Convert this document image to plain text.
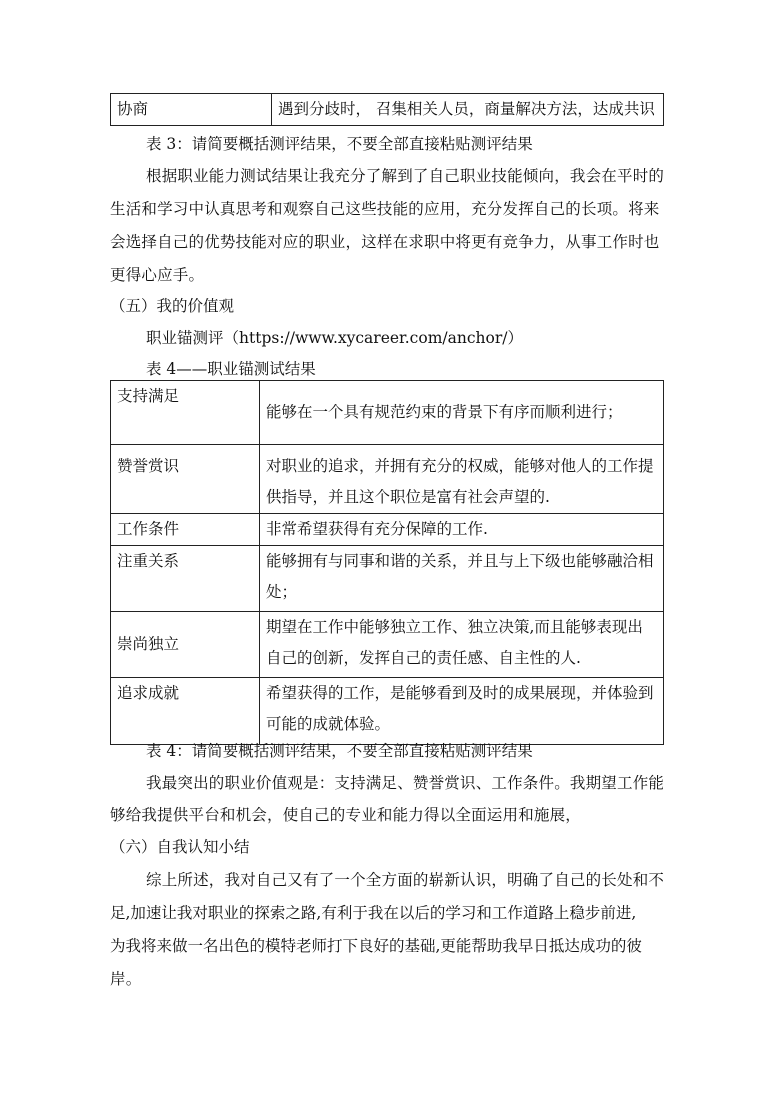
协商	遇到分歧时， 召集相关人员，商量解决方法，达成共识
表 3：请简要概括测评结果，不要全部直接粘贴测评结果
根据职业能力测试结果让我充分了解到了自己职业技能倾向，我会在平时的
生活和学习中认真思考和观察自己这些技能的应用，充分发挥自己的长项。将来
会选择自己的优势技能对应的职业，这样在求职中将更有竞争力，从事工作时也
更得心应手。
（五）我的价值观
职业锚测评（https://www.xycareer.com/anchor/）
表 4——职业锚测试结果
支持满足	能够在一个具有规范约束的背景下有序而顺利进行；

赞誉赏识	对职业的追求，并拥有充分的权威，能够对他人的工作提
供指导，并且这个职位是富有社会声望的.

工作条件	非常希望获得有充分保障的工作.

注重关系	能够拥有与同事和谐的关系，并且与上下级也能够融洽相
处；

崇尚独立	期望在工作中能够独立工作、独立决策,而且能够表现出
自己的创新，发挥自己的责任感、自主性的人.

追求成就	希望获得的工作，是能够看到及时的成果展现，并体验到
可能的成就体验。
表 4：请简要概括测评结果，不要全部直接粘贴测评结果
我最突出的职业价值观是：支持满足、赞誉赏识、工作条件。我期望工作能
够给我提供平台和机会，使自己的专业和能力得以全面运用和施展，
（六）自我认知小结
综上所述，我对自己又有了一个全方面的崭新认识，明确了自己的长处和不
足,加速让我对职业的探索之路,有利于我在以后的学习和工作道路上稳步前进,
为我将来做一名出色的模特老师打下良好的基础,更能帮助我早日抵达成功的彼
岸。
